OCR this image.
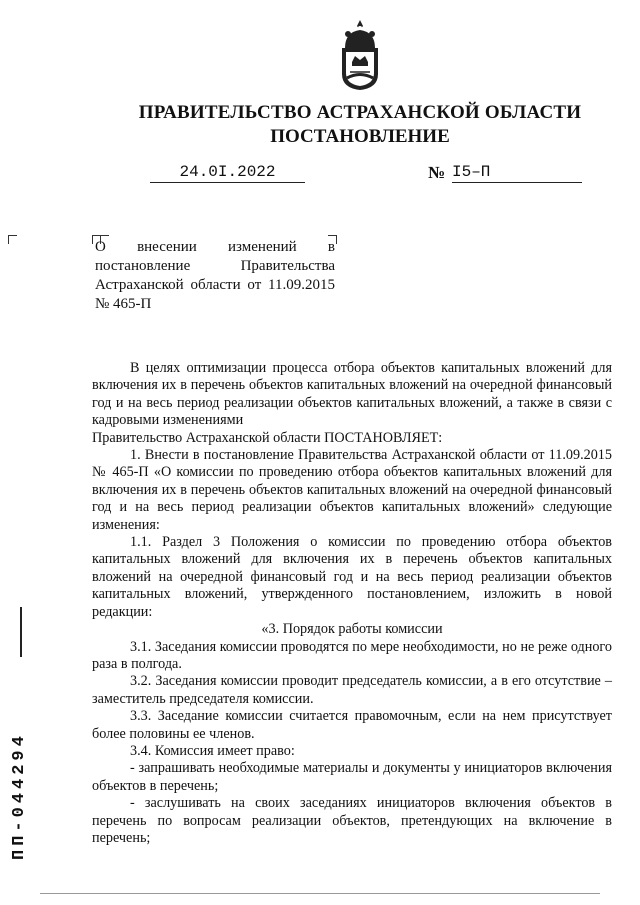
ПРАВИТЕЛЬСТВО АСТРАХАНСКОЙ ОБЛАСТИ
ПОСТАНОВЛЕНИЕ
24.0I.2022	№ I5–П
О внесении изменений в постановление Правительства Астраханской области от 11.09.2015 № 465-П

В целях оптимизации процесса отбора объектов капитальных вложений для включения их в перечень объектов капитальных вложений на очередной финансовый год и на весь период реализации объектов капитальных вложений, а также в связи с кадровыми изменениями

Правительство Астраханской области ПОСТАНОВЛЯЕТ:

1. Внести в постановление Правительства Астраханской области от 11.09.2015 № 465-П «О комиссии по проведению отбора объектов капитальных вложений для включения их в перечень объектов капитальных вложений на очередной финансовый год и на весь период реализации объектов капитальных вложений» следующие изменения:

1.1. Раздел 3 Положения о комиссии по проведению отбора объектов капитальных вложений для включения их в перечень объектов капитальных вложений на очередной финансовый год и на весь период реализации объектов капитальных вложений, утвержденного постановлением, изложить в новой редакции:

«3. Порядок работы комиссии

3.1. Заседания комиссии проводятся по мере необходимости, но не реже одного раза в полгода.

3.2. Заседания комиссии проводит председатель комиссии, а в его отсутствие – заместитель председателя комиссии.

3.3. Заседание комиссии считается правомочным, если на нем присутствует более половины ее членов.

3.4. Комиссия имеет право:

- запрашивать необходимые материалы и документы у инициаторов включения объектов в перечень;

- заслушивать на своих заседаниях инициаторов включения объектов в перечень по вопросам реализации объектов, претендующих на включение в перечень;

ПП-044294
